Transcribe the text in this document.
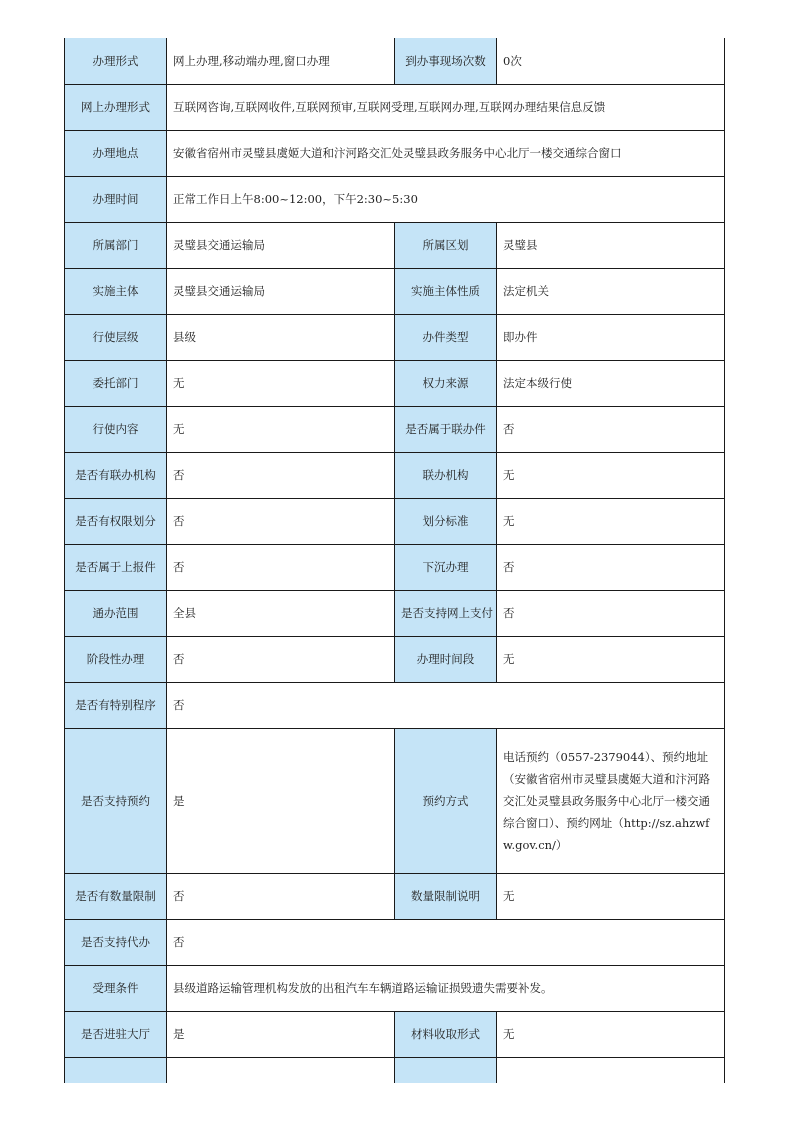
办理形式	网上办理,移动端办理,窗口办理	到办事现场次数	0次
网上办理形式	互联网咨询,互联网收件,互联网预审,互联网受理,互联网办理,互联网办理结果信息反馈		
办理地点	安徽省宿州市灵璧县虞姬大道和汴河路交汇处灵璧县政务服务中心北厅一楼交通综合窗口		
办理时间	正常工作日上午8:00~12:00，下午2:30~5:30		
所属部门	灵璧县交通运输局	所属区划	灵璧县
实施主体	灵璧县交通运输局	实施主体性质	法定机关
行使层级	县级	办件类型	即办件
委托部门	无	权力来源	法定本级行使
行使内容	无	是否属于联办件	否
是否有联办机构	否	联办机构	无
是否有权限划分	否	划分标准	无
是否属于上报件	否	下沉办理	否
通办范围	全县	是否支持网上支付	否
阶段性办理	否	办理时间段	无
是否有特别程序	否		
是否支持预约	是	预约方式	电话预约（0557-2379044）、预约地址（安徽省宿州市灵璧县虞姬大道和汴河路交汇处灵璧县政务服务中心北厅一楼交通综合窗口）、预约网址（http://sz.ahzwfw.gov.cn/）
是否有数量限制	否	数量限制说明	无
是否支持代办	否		
受理条件	县级道路运输管理机构发放的出租汽车车辆道路运输证损毁遗失需要补发。		
是否进驻大厅	是	材料收取形式	无
